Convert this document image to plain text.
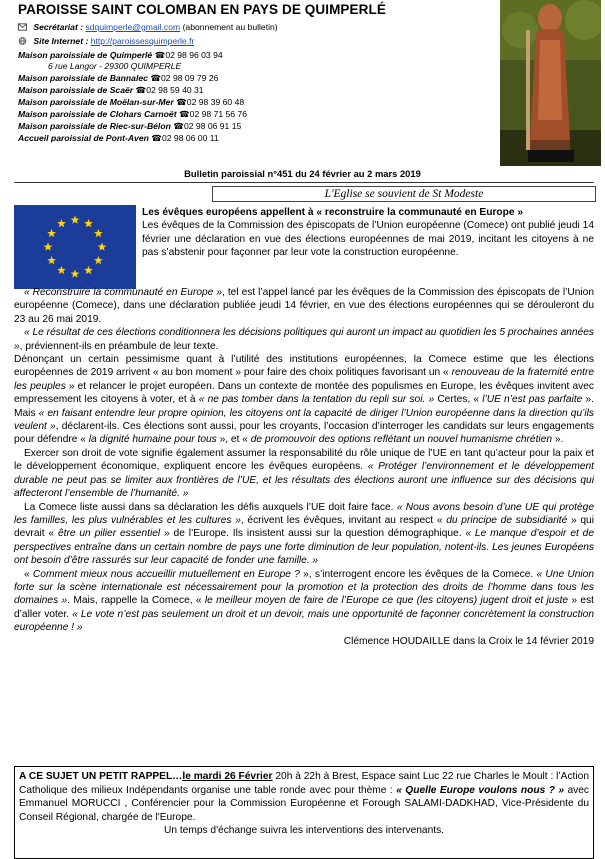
PAROISSE SAINT COLOMBAN EN PAYS DE QUIMPERLÉ
Secrétariat : sdquimperle@gmail.com (abonnement au bulletin)
Site Internet : http://paroissesquimperle.fr
Maison paroissiale de Quimperlé ☎02 98 96 03 94
6 rue Langor - 29300 QUIMPERLE
Maison paroissiale de Bannalec ☎02 98 09 79 26
Maison paroissiale de Scaër ☎02 98 59 40 31
Maison paroissiale de Moëlan-sur-Mer ☎02 98 39 60 48
Maison paroissiale de Clohars Carnoët ☎02 98 71 56 76
Maison paroissiale de Riec-sur-Bélon ☎02 98 06 91 15
Accueil paroissial de Pont-Aven ☎02 98 06 00 11
Bulletin paroissial n°451 du 24 février au 2 mars 2019
L'Eglise se souvient de St Modeste

Les évêques européens appellent à « reconstruire la communauté en Europe »

Les évêques de la Commission des épiscopats de l’Union européenne (Comece) ont publié jeudi 14 février une déclaration en vue des élections européennes de mai 2019, incitant les citoyens à ne pas s’abstenir pour façonner par leur vote la construction européenne.

« Reconstruire la communauté en Europe », tel est l’appel lancé par les évêques de la Commission des épiscopats de l’Union européenne (Comece), dans une déclaration publiée jeudi 14 février, en vue des élections européennes qui se dérouleront du 23 au 26 mai 2019.

« Le résultat de ces élections conditionnera les décisions politiques qui auront un impact au quotidien les 5 prochaines années », préviennent-ils en préambule de leur texte.

Dénonçant un certain pessimisme quant à l’utilité des institutions européennes, la Comece estime que les élections européennes de 2019 arrivent « au bon moment » pour faire des choix politiques favorisant un « renouveau de la fraternité entre les peuples » et relancer le projet européen. Dans un contexte de montée des populismes en Europe, les évêques invitent avec empressement les citoyens à voter, et à « ne pas tomber dans la tentation du repli sur soi. » Certes, « l’UE n’est pas parfaite ». Mais « en faisant entendre leur propre opinion, les citoyens ont la capacité de diriger l’Union européenne dans la direction qu’ils veulent », déclarent-ils. Ces élections sont aussi, pour les croyants, l’occasion d’interroger les candidats sur leurs engagements pour défendre « la dignité humaine pour tous », et « de promouvoir des options reflétant un nouvel humanisme chrétien ».

Exercer son droit de vote signifie également assumer la responsabilité du rôle unique de l’UE en tant qu’acteur pour la paix et le développement économique, expliquent encore les évêques européens. « Protéger l’environnement et le développement durable ne peut pas se limiter aux frontières de l’UE, et les résultats des élections auront une influence sur des décisions qui affecteront l’ensemble de l’humanité. »

La Comece liste aussi dans sa déclaration les défis auxquels l’UE doit faire face. « Nous avons besoin d’une UE qui protège les familles, les plus vulnérables et les cultures », écrivent les évêques, invitant au respect « du principe de subsidiarité » qui devrait « être un pilier essentiel » de l’Europe. Ils insistent aussi sur la question démographique. « Le manque d’espoir et de perspectives entraîne dans un certain nombre de pays une forte diminution de leur population, notent-ils. Les jeunes Européens ont besoin d’être rassurés sur leur capacité de fonder une famille. »

« Comment mieux nous accueillir mutuellement en Europe ? », s’interrogent encore les évêques de la Comece. « Une Union forte sur la scène internationale est nécessairement pour la promotion et la protection des droits de l’homme dans tous les domaines ». Mais, rappelle la Comece, « le meilleur moyen de faire de l’Europe ce que (les citoyens) jugent droit et juste » est d’aller voter. « Le vote n’est pas seulement un droit et un devoir, mais une opportunité de façonner concrètement la construction européenne ! »

Clémence HOUDAILLE dans la Croix le 14 février 2019

A CE SUJET UN PETIT RAPPEL…le mardi 26 Février 20h à 22h à Brest, Espace saint Luc 22 rue Charles le Moult : l’Action Catholique des milieux Indépendants organise une table ronde avec pour thème : « Quelle Europe voulons nous ? » avec Emmanuel MORUCCI , Conférencier pour la Commission Européenne et Forough SALAMI-DADKHAD, Vice-Présidente du Conseil Régional, chargée de l'Europe.

Un temps d'échange suivra les interventions des intervenants.
